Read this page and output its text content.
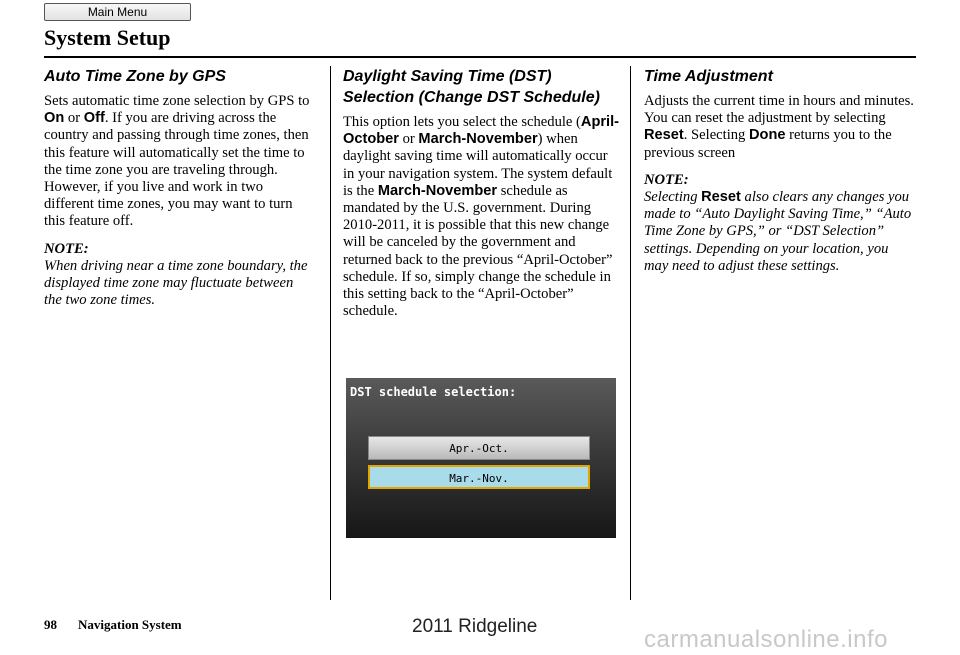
Main Menu
System Setup
Auto Time Zone by GPS

Sets automatic time zone selection by GPS to On or Off. If you are driving across the country and passing through time zones, then this feature will automatically set the time to the time zone you are traveling through. However, if you live and work in two different time zones, you may want to turn this feature off.

NOTE:

When driving near a time zone boundary, the displayed time zone may fluctuate between the two zone times.

Daylight Saving Time (DST) Selection (Change DST Schedule)

This option lets you select the schedule (April-October or March-November) when daylight saving time will automatically occur in your navigation system. The system default is the March-November schedule as mandated by the U.S. government. During 2010-2011, it is possible that this new change will be canceled by the government and returned back to the previous “April-October” schedule. If so, simply change the schedule in this setting back to the “April-October” schedule.

DST schedule selection:
Apr.-Oct.
Mar.-Nov.
Time Adjustment

Adjusts the current time in hours and minutes. You can reset the adjustment by selecting Reset. Selecting Done returns you to the previous screen

NOTE:

Selecting Reset also clears any changes you made to “Auto Daylight Saving Time,” “Auto Time Zone by GPS,” or “DST Selection” settings. Depending on your location, you may need to adjust these settings.

98 Navigation System	2011 Ridgeline	carmanualsonline.info
